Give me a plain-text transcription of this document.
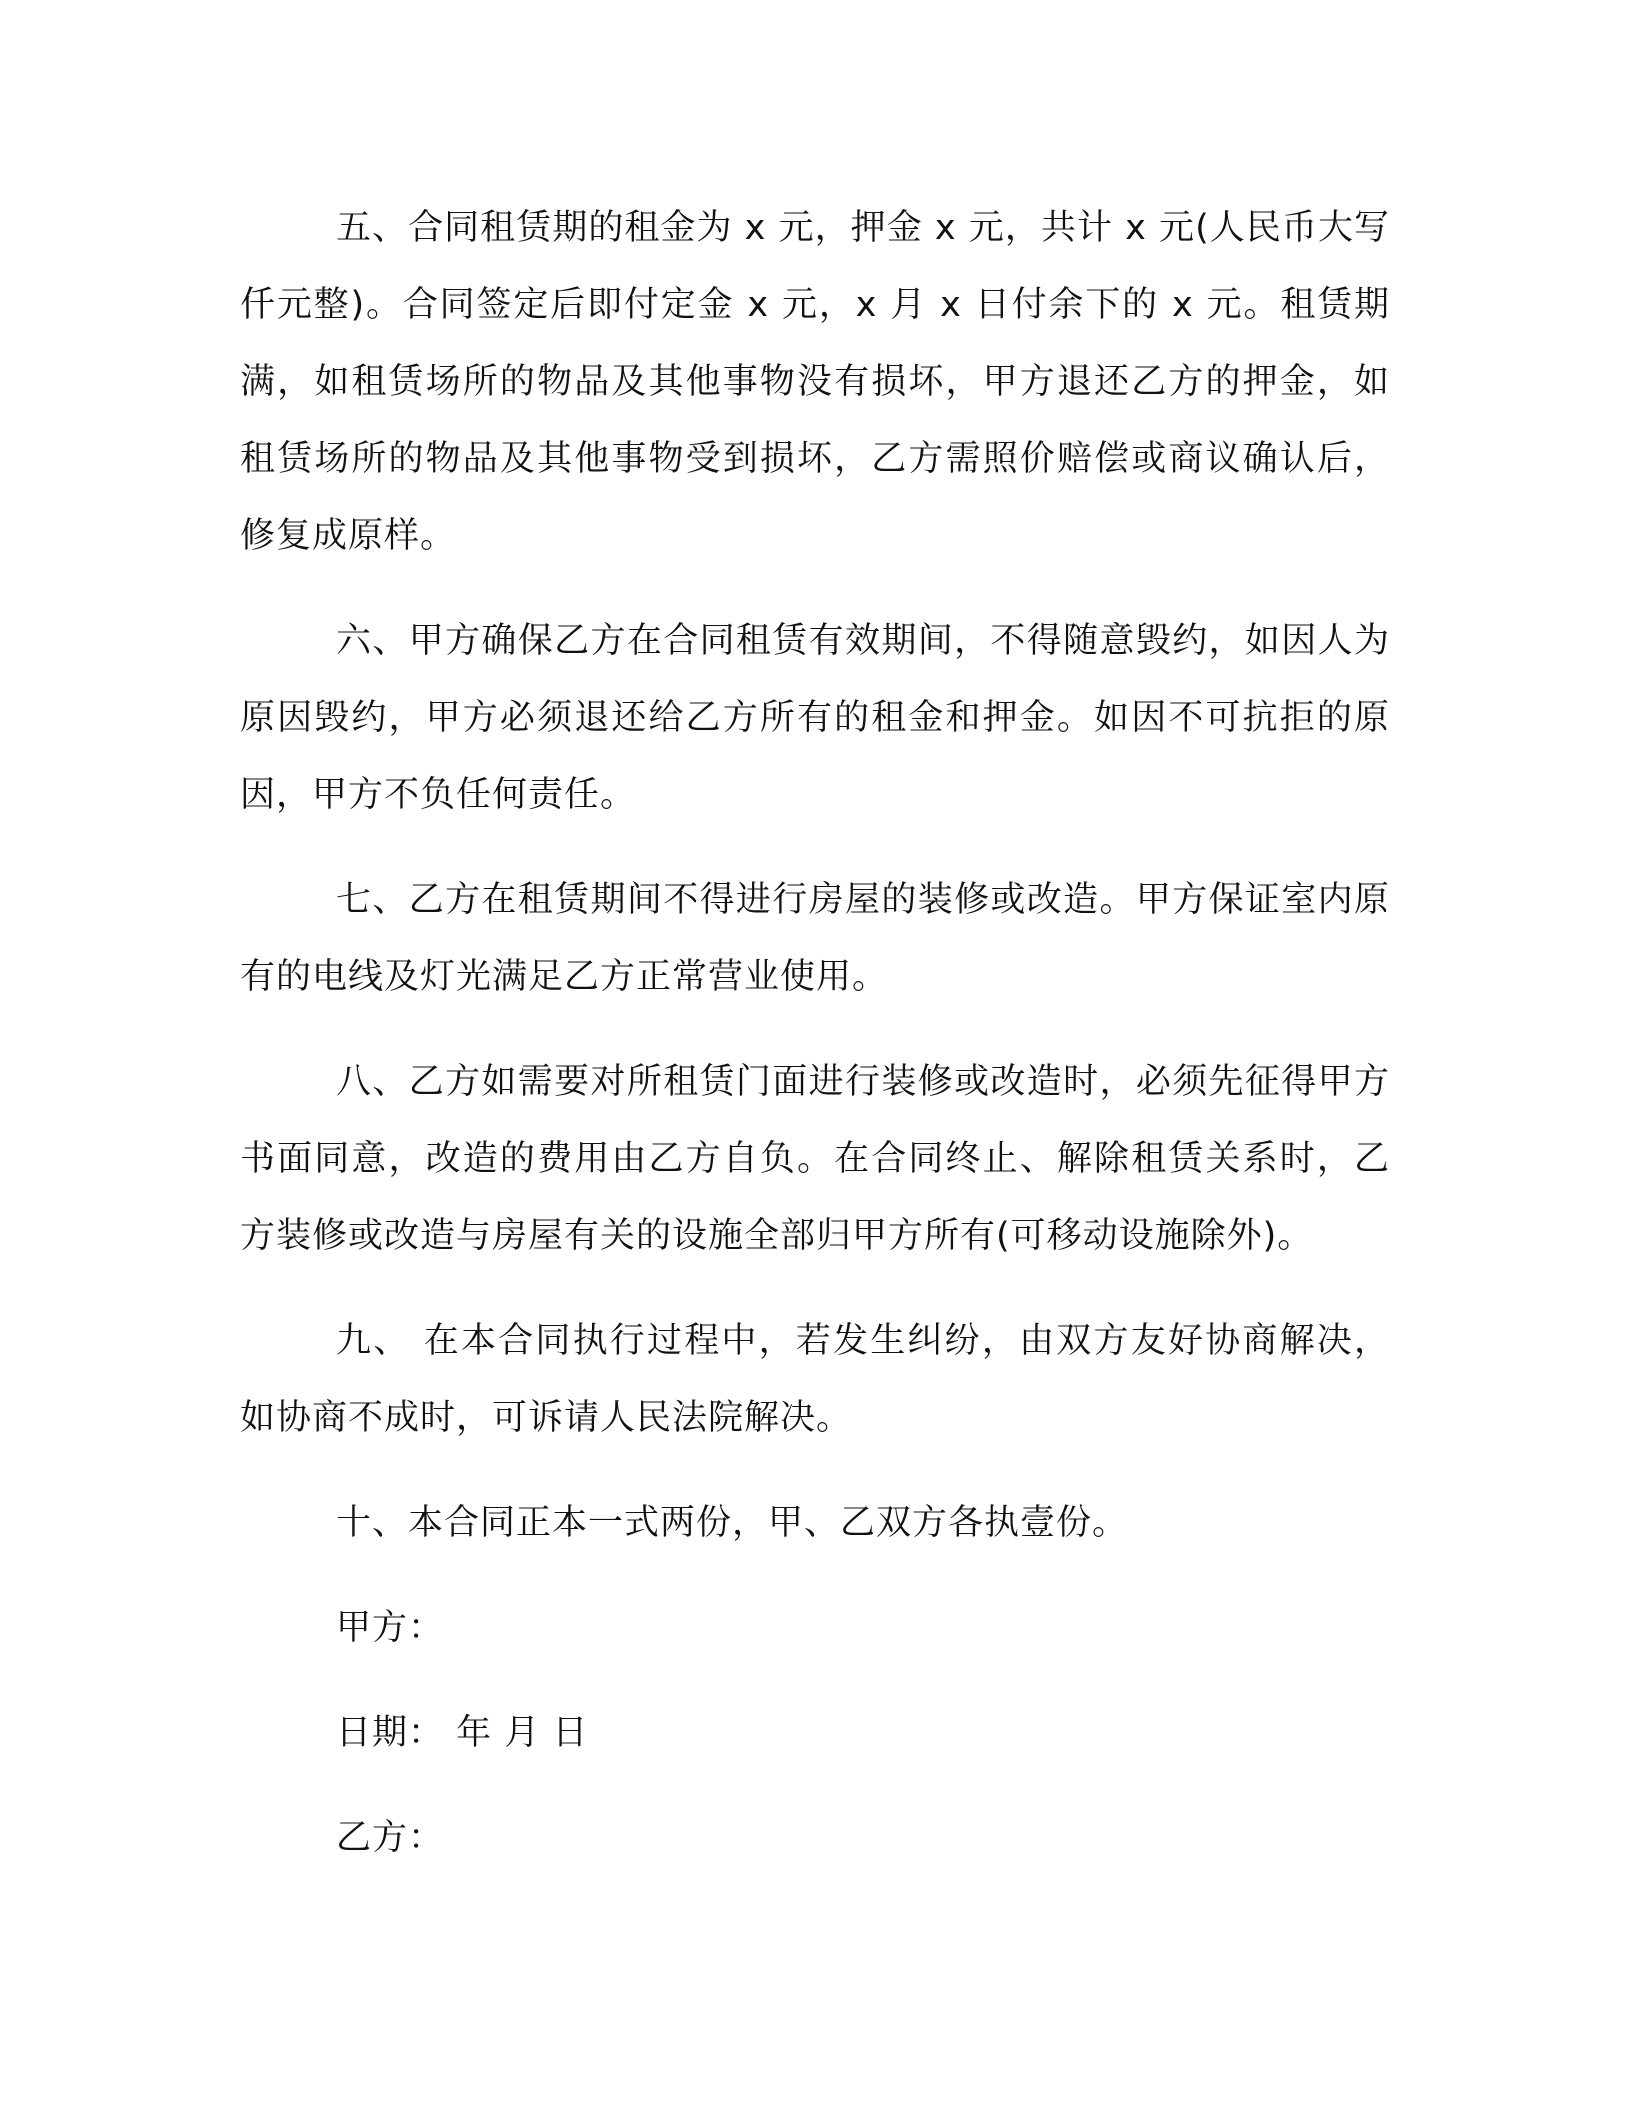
五、合同租赁期的租金为 x 元，押金 x 元，共计 x 元(人民币大写仟元整)。合同签定后即付定金 x 元，x 月 x 日付余下的 x 元。租赁期满，如租赁场所的物品及其他事物没有损坏，甲方退还乙方的押金，如租赁场所的物品及其他事物受到损坏，乙方需照价赔偿或商议确认后，修复成原样。

六、甲方确保乙方在合同租赁有效期间，不得随意毁约，如因人为原因毁约，甲方必须退还给乙方所有的租金和押金。如因不可抗拒的原因，甲方不负任何责任。

七、乙方在租赁期间不得进行房屋的装修或改造。甲方保证室内原有的电线及灯光满足乙方正常营业使用。

八、乙方如需要对所租赁门面进行装修或改造时，必须先征得甲方书面同意，改造的费用由乙方自负。在合同终止、解除租赁关系时，乙方装修或改造与房屋有关的设施全部归甲方所有(可移动设施除外)。

九、 在本合同执行过程中，若发生纠纷，由双方友好协商解决，如协商不成时，可诉请人民法院解决。

十、本合同正本一式两份，甲、乙双方各执壹份。

甲方：

日期： 年 月 日

乙方：
